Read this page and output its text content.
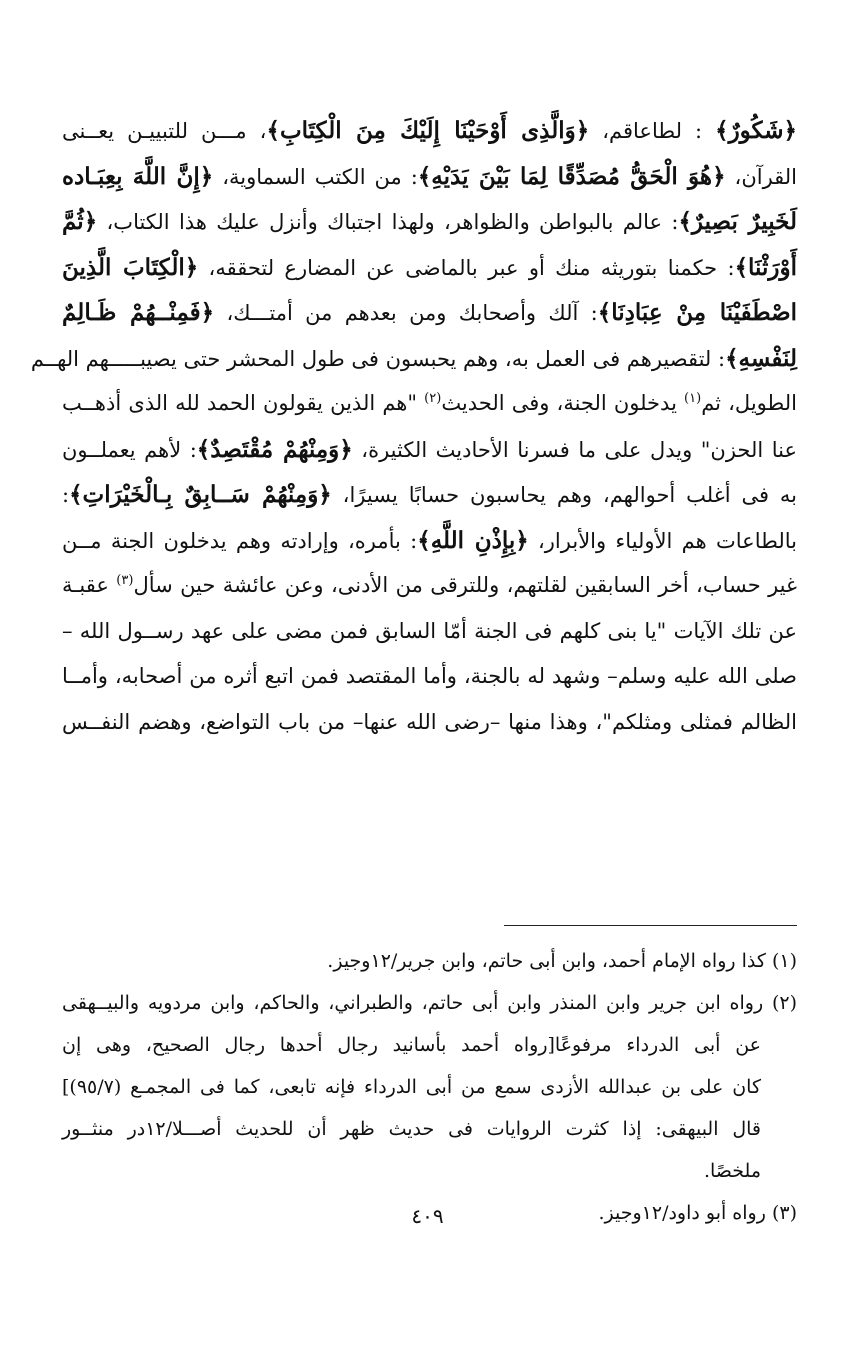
﴿شَكُورٌ﴾ : لطاعاقم، ﴿وَالَّذِى أَوْحَيْنَا إِلَيْكَ مِنَ الْكِتَابِ﴾، مـــن للتبييـن يعــنى
القرآن، ﴿هُوَ الْحَقُّ مُصَدِّقًا لِمَا بَيْنَ يَدَيْهِ﴾: من الكتب السماوية، ﴿إِنَّ اللَّهَ بِعِبَـاده
لَخَبِيرٌ بَصِيرٌ﴾: عالم بالبواطن والظواهر، ولهذا اجتباك وأنزل عليك هذا الكتاب، ﴿ثُمَّ
أَوْرَثْنَا﴾: حكمنا بتوريثه منك أو عبر بالماضى عن المضارع لتحققه، ﴿الْكِتَابَ الَّذِينَ
اصْطَفَيْنَا مِنْ عِبَادِنَا﴾: آلك وأصحابك ومن بعدهم من أمتـــك، ﴿فَمِنْــهُمْ ظَـالِمٌ
لِنَفْسِهِ﴾: لتقصيرهم فى العمل به، وهم يحبسون فى طول المحشر حتى يصيبـــــهم الهــم
الطويل، ثم$^{(١)}$ يدخلون الجنة، وفى الحديث$^{(٢)}$ "هم الذين يقولون الحمد لله الذى أذهــب
عنا الحزن" ويدل على ما فسرنا الأحاديث الكثيرة، ﴿وَمِنْهُمْ مُقْتَصِدٌ﴾: لأهم يعملــون
به فى أغلب أحوالهم، وهم يحاسبون حسابًا يسيرًا، ﴿وَمِنْهُمْ سَــابِقٌ بِـالْخَيْرَاتِ﴾:
بالطاعات هم الأولياء والأبرار، ﴿بِإِذْنِ اللَّهِ﴾: بأمره، وإرادته وهم يدخلون الجنة مــن
غير حساب، أخر السابقين لقلتهم، وللترقى من الأدنى، وعن عائشة حين سأل$^{(٣)}$ عقبـة
عن تلك الآيات "يا بنى كلهم فى الجنة أمّا السابق فمن مضى على عهد رســول الله –
صلى الله عليه وسلم– وشهد له بالجنة، وأما المقتصد فمن اتبع أثره من أصحابه، وأمــا
الظالم فمثلى ومثلكم"، وهذا منها –رضى الله عنها– من باب التواضع، وهضم النفــس
(١) كذا رواه الإمام أحمد، وابن أبى حاتم، وابن جرير/١٢وجيز.
(٢) رواه ابن جرير وابن المنذر وابن أبى حاتم، والطبراني، والحاكم، وابن مردويه والبيــهقى
عن أبى الدرداء مرفوعًا[رواه أحمد بأسانيد رجال أحدها رجال الصحيح، وهى إن
كان على بن عبدالله الأزدى سمع من أبى الدرداء فإنه تابعى، كما فى المجمـع (٩٥/٧)]
قال البيهقى: إذا كثرت الروايات فى حديث ظهر أن للحديث أصـــلا/١٢در منثــور
ملخصًا.
(٣) رواه أبو داود/١٢وجيز.
٤٠٩
